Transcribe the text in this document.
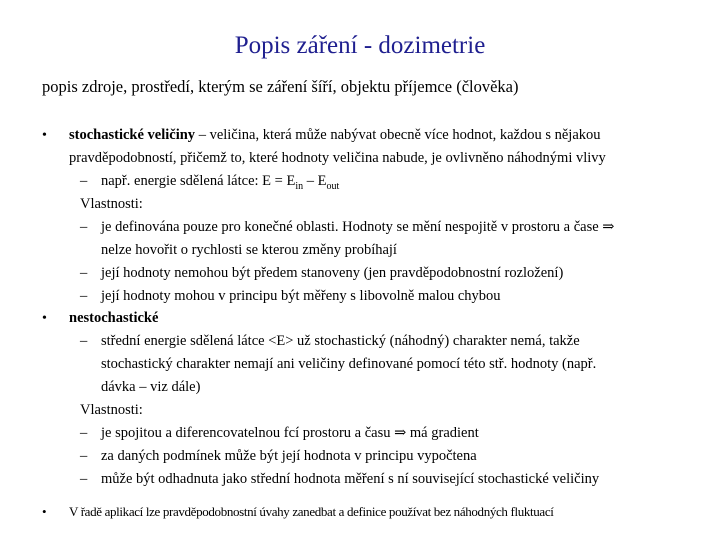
Popis záření - dozimetrie
popis zdroje, prostředí, kterým se záření šíří, objektu příjemce (člověka)
• stochastické veličiny – veličina, která může nabývat obecně více hodnot, každou s nějakou
pravděpodobností, přičemž to, které hodnoty veličina nabude, je ovlivněno náhodnými vlivy
– např. energie sdělená látce: $E = E_{in} - E_{out}$
Vlastnosti:
– je definována pouze pro konečné oblasti. Hodnoty se mění nespojitě v prostoru a čase ⇒
nelze hovořit o rychlosti se kterou změny probíhají
– její hodnoty nemohou být předem stanoveny (jen pravděpodobnostní rozložení)
– její hodnoty mohou v principu být měřeny s libovolně malou chybou
• nestochastické
– střední energie sdělená látce <E> už stochastický (náhodný) charakter nemá, takže
stochastický charakter nemají ani veličiny definované pomocí této stř. hodnoty (např.
dávka – viz dále)
Vlastnosti:
– je spojitou a diferencovatelnou fcí prostoru a času ⇒ má gradient
– za daných podmínek může být její hodnota v principu vypočtena
– může být odhadnuta jako střední hodnota měření s ní související stochastické veličiny
• V řadě aplikací lze pravděpodobnostní úvahy zanedbat a definice používat bez náhodných fluktuací
